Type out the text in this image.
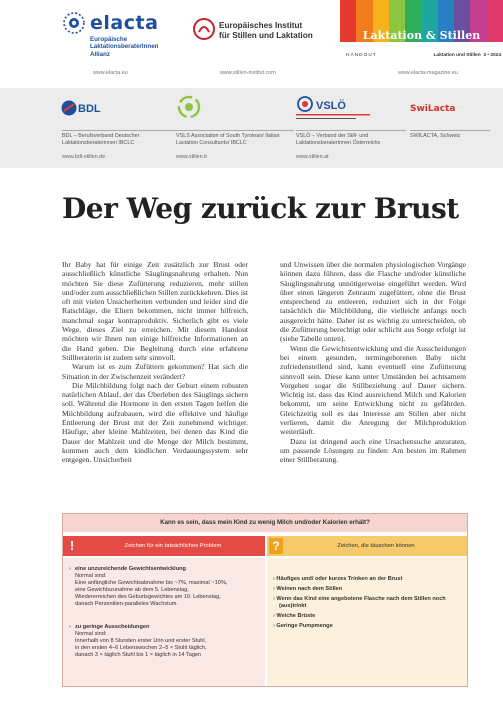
elacta
Europäische
LaktationsberaterInnen
Allianz
www.elacta.eu
Europäisches Institut
für Stillen und Laktation
www.stillen-institut.com
Laktation & Stillen
HANDOUT	Laktation und Stillen 3 • 2024
www.elacta-magazine.eu
BDL
BDL – Berufsverband Deutscher Laktationsberaterinnen IBCLC
www.bdl-stillen.de
VSLS Association of South Tyrolean/ Italian Lactation Consultants/ IBCLC
www.stillen.it
VSLÖ
VSLÖ – Verband der Still- und LaktationsberaterInnen Österreichs
www.stillen.at
SwiLacta
SWILACTA, Schweiz
Der Weg zurück zur Brust

Ihr Baby hat für einige Zeit zusätzlich zur Brust oder ausschließlich künstliche Säuglingsnahrung erhalten. Nun möchten Sie diese Zufütterung reduzieren, mehr stillen und/oder zum ausschließlichen Stillen zurückkehren. Dies ist oft mit vielen Unsicherheiten verbunden und leider sind die Ratschläge, die Eltern bekommen, nicht immer hilfreich, manchmal sogar kontraproduktiv. Sicherlich gibt es viele Wege, dieses Ziel zu erreichen. Mit diesem Handout möchten wir Ihnen nun einige hilfreiche Informationen an die Hand geben. Die Begleitung durch eine erfahrene Stillberaterin ist zudem sehr sinnvoll.

Warum ist es zum Zufüttern gekommen? Hat sich die Situation in der Zwischenzeit verändert?

Die Milchbildung folgt nach der Geburt einem robusten natürlichen Ablauf, der das Überleben des Säuglings sichern soll. Während die Hormone in den ersten Tagen helfen die Milchbildung aufzubauen, wird die effektive und häufige Entleerung der Brust mit der Zeit zunehmend wichtiger. Häufige, aber kleine Mahlzeiten, bei denen das Kind die Dauer der Mahlzeit und die Menge der Milch bestimmt, kommen auch dem kindlichen Verdauungssystem sehr entgegen. Unsicherheit

und Unwissen über die normalen physiologischen Vorgänge können dazu führen, dass die Flasche und/oder künstliche Säuglingsnahrung unnötigerweise eingeführt werden. Wird über einen längeren Zeitraum zugefüttert, ohne die Brust entsprechend zu entleeren, reduziert sich in der Folge tatsächlich die Milchbildung, die vielleicht anfangs noch ausgereicht hätte. Daher ist es wichtig zu unterscheiden, ob die Zufütterung berechtigt oder schlicht aus Sorge erfolgt ist (siehe Tabelle unten).

Wenn die Gewichtsentwicklung und die Ausscheidungen bei einem gesunden, termingeborenen Baby nicht zufriedenstellend sind, kann eventuell eine Zufütterung sinnvoll sein. Diese kann unter Umständen bei achtsamem Vorgehen sogar die Stillbeziehung auf Dauer sichern. Wichtig ist, dass das Kind ausreichend Milch und Kalorien bekommt, um seine Entwicklung nicht zu gefährden. Gleichzeitig soll es das Interesse am Stillen aber nicht verlieren, damit die Anregung der Milchproduktion weiterläuft.

Dazu ist dringend auch eine Ursachensuche anzuraten, um passende Lösungen zu finden: Am besten im Rahmen einer Stillberatung.

Kann es sein, dass mein Kind zu wenig Milch und/oder Kalorien erhält?
!	Zeichen für ein tatsächliches Problem	?	Zeichen, die täuschen können
› eine unzureichende Gewichtsentwicklung
Normal sind:
Eine anfängliche Gewichtsabnahme bis ~7%, maximal ~10%,
eine Gewichtszunahme ab dem 5. Lebenstag,
Wiedererreichen des Geburtsgewichtes am 10. Lebenstag,
danach Perzentilen-paralleles Wachstum.
› zu geringe Ausscheidungen
Normal sind:
Innerhalb von 8 Stunden erster Urin und erster Stuhl,
in den ersten 4–6 Lebenswochen 2–5 × Stuhl täglich,
danach 3 × täglich Stuhl bis 1 × täglich in 14 Tagen
› Häufiges und/ oder kurzes Trinken an der Brust
› Weinen nach dem Stillen
› Wenn das Kind eine angebotene Flasche nach dem Stillen noch (aus)trinkt
› Weiche Brüste
› Geringe Pumpmenge
